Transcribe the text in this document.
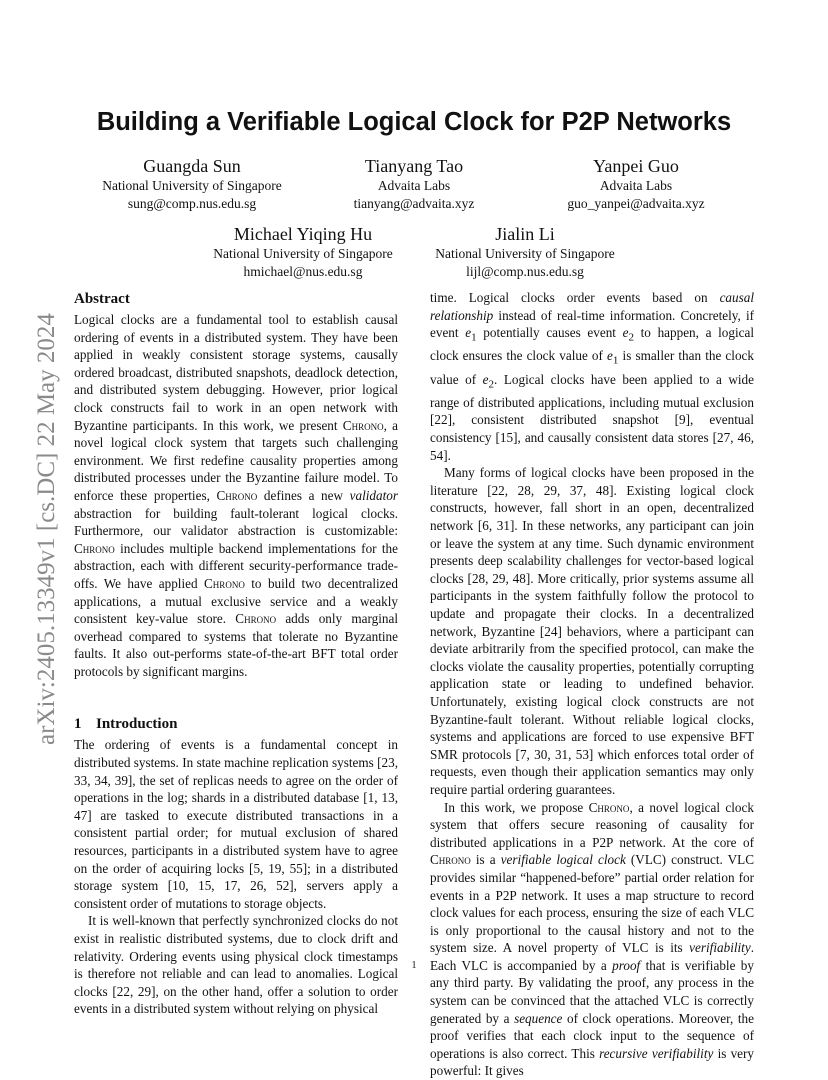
Building a Verifiable Logical Clock for P2P Networks
Guangda Sun
National University of Singapore
sung@comp.nus.edu.sg
Tianyang Tao
Advaita Labs
tianyang@advaita.xyz
Yanpei Guo
Advaita Labs
guo_yanpei@advaita.xyz
Michael Yiqing Hu
National University of Singapore
hmichael@nus.edu.sg
Jialin Li
National University of Singapore
lijl@comp.nus.edu.sg
arXiv:2405.13349v1 [cs.DC] 22 May 2024
Abstract

Logical clocks are a fundamental tool to establish causal ordering of events in a distributed system. They have been applied in weakly consistent storage systems, causally ordered broadcast, distributed snapshots, deadlock detection, and distributed system debugging. However, prior logical clock constructs fail to work in an open network with Byzantine participants. In this work, we present Chrono, a novel logical clock system that targets such challenging environment. We first redefine causality properties among distributed processes under the Byzantine failure model. To enforce these properties, Chrono defines a new validator abstraction for building fault-tolerant logical clocks. Furthermore, our validator abstraction is customizable: Chrono includes multiple backend implementations for the abstraction, each with different security-performance trade-offs. We have applied Chrono to build two decentralized applications, a mutual exclusive service and a weakly consistent key-value store. Chrono adds only marginal overhead compared to systems that tolerate no Byzantine faults. It also out-performs state-of-the-art BFT total order protocols by significant margins.

1 Introduction

The ordering of events is a fundamental concept in distributed systems. In state machine replication systems [23, 33, 34, 39], the set of replicas needs to agree on the order of operations in the log; shards in a distributed database [1, 13, 47] are tasked to execute distributed transactions in a consistent partial order; for mutual exclusion of shared resources, participants in a distributed system have to agree on the order of acquiring locks [5, 19, 55]; in a distributed storage system [10, 15, 17, 26, 52], servers apply a consistent order of mutations to storage objects.

It is well-known that perfectly synchronized clocks do not exist in realistic distributed systems, due to clock drift and relativity. Ordering events using physical clock timestamps is therefore not reliable and can lead to anomalies. Logical clocks [22, 29], on the other hand, offer a solution to order events in a distributed system without relying on physical

time. Logical clocks order events based on causal relationship instead of real-time information. Concretely, if event $e_1$ potentially causes event $e_2$ to happen, a logical clock ensures the clock value of $e_1$ is smaller than the clock value of $e_2$. Logical clocks have been applied to a wide range of distributed applications, including mutual exclusion [22], consistent distributed snapshot [9], eventual consistency [15], and causally consistent data stores [27, 46, 54].

Many forms of logical clocks have been proposed in the literature [22, 28, 29, 37, 48]. Existing logical clock constructs, however, fall short in an open, decentralized network [6, 31]. In these networks, any participant can join or leave the system at any time. Such dynamic environment presents deep scalability challenges for vector-based logical clocks [28, 29, 48]. More critically, prior systems assume all participants in the system faithfully follow the protocol to update and propagate their clocks. In a decentralized network, Byzantine [24] behaviors, where a participant can deviate arbitrarily from the specified protocol, can make the clocks violate the causality properties, potentially corrupting application state or leading to undefined behavior. Unfortunately, existing logical clock constructs are not Byzantine-fault tolerant. Without reliable logical clocks, systems and applications are forced to use expensive BFT SMR protocols [7, 30, 31, 53] which enforces total order of requests, even though their application semantics may only require partial ordering guarantees.

In this work, we propose Chrono, a novel logical clock system that offers secure reasoning of causality for distributed applications in a P2P network. At the core of Chrono is a verifiable logical clock (VLC) construct. VLC provides similar “happened-before” partial order relation for events in a P2P network. It uses a map structure to record clock values for each process, ensuring the size of each VLC is only proportional to the causal history and not to the system size. A novel property of VLC is its verifiability. Each VLC is accompanied by a proof that is verifiable by any third party. By validating the proof, any process in the system can be convinced that the attached VLC is correctly generated by a sequence of clock operations. Moreover, the proof verifies that each clock input to the sequence of operations is also correct. This recursive verifiability is very powerful: It gives

1
